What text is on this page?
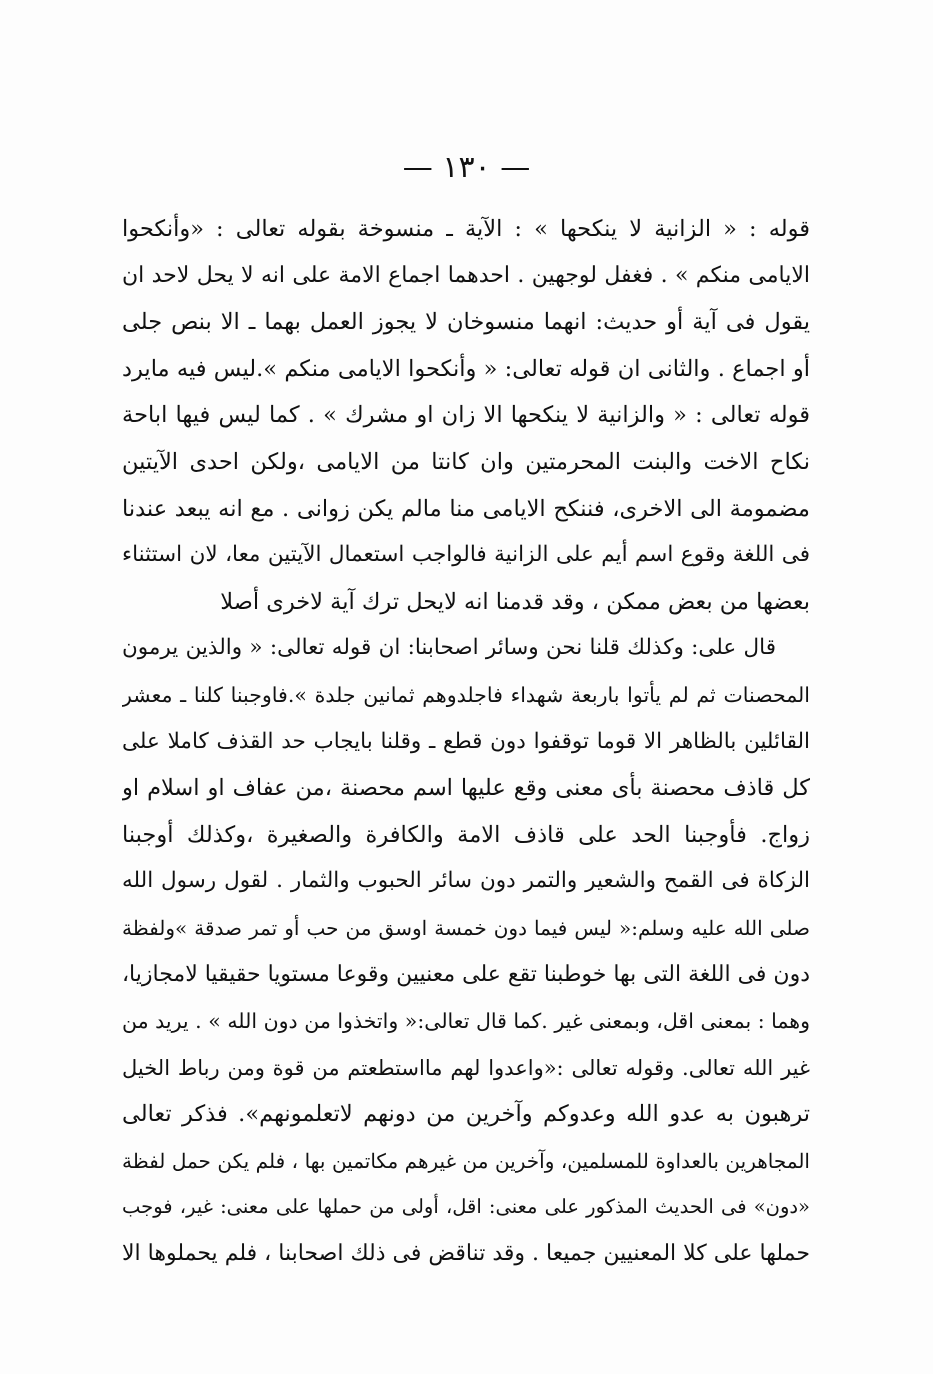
— ١٣٠ —
قوله : « الزانية لا ينكحها » : الآية ـ منسوخة بقوله تعالى : «وأنكحوا
الايامى منكم » . فغفل لوجهين . احدهما اجماع الامة على انه لا يحل لاحد ان
يقول فى آية أو حديث: انهما منسوخان لا يجوز العمل بهما ـ الا بنص جلى
أو اجماع . والثانى ان قوله تعالى: « وأنكحوا الايامى منكم ».ليس فيه مايرد
قوله تعالى : « والزانية لا ينكحها الا زان او مشرك » . كما ليس فيها اباحة
نكاح الاخت والبنت المحرمتين وان كانتا من الايامى ،ولكن احدى الآيتين
مضمومة الى الاخرى، فننكح الايامى منا مالم يكن زوانى . مع انه يبعد عندنا
فى اللغة وقوع اسم أيم على الزانية فالواجب استعمال الآيتين معا، لان استثناء
بعضها من بعض ممكن ، وقد قدمنا انه لايحل ترك آية لاخرى أصلا
قال على: وكذلك قلنا نحن وسائر اصحابنا: ان قوله تعالى: « والذين يرمون
المحصنات ثم لم يأتوا باربعة شهداء فاجلدوهم ثمانين جلدة ».فاوجبنا كلنا ـ معشر
القائلين بالظاهر الا قوما توقفوا دون قطع ـ وقلنا بايجاب حد القذف كاملا على
كل قاذف محصنة بأى معنى وقع عليها اسم محصنة ،من عفاف او اسلام او
زواج. فأوجبنا الحد على قاذف الامة والكافرة والصغيرة ،وكذلك أوجبنا
الزكاة فى القمح والشعير والتمر دون سائر الحبوب والثمار . لقول رسول الله
صلى الله عليه وسلم:« ليس فيما دون خمسة اوسق من حب أو تمر صدقة »ولفظة
دون فى اللغة التى بها خوطبنا تقع على معنيين وقوعا مستويا حقيقيا لامجازيا،
وهما : بمعنى اقل، وبمعنى غير .كما قال تعالى:« واتخذوا من دون الله » . يريد من
غير الله تعالى. وقوله تعالى :«واعدوا لهم مااستطعتم من قوة ومن رباط الخيل
ترهبون به عدو الله وعدوكم وآخرين من دونهم لاتعلمونهم». فذكر تعالى
المجاهرين بالعداوة للمسلمين، وآخرين من غيرهم مكاتمين بها ، فلم يكن حمل لفظة
«دون» فى الحديث المذكور على معنى: اقل، أولى من حملها على معنى: غير، فوجب
حملها على كلا المعنيين جميعا . وقد تناقض فى ذلك اصحابنا ، فلم يحملوها الا
